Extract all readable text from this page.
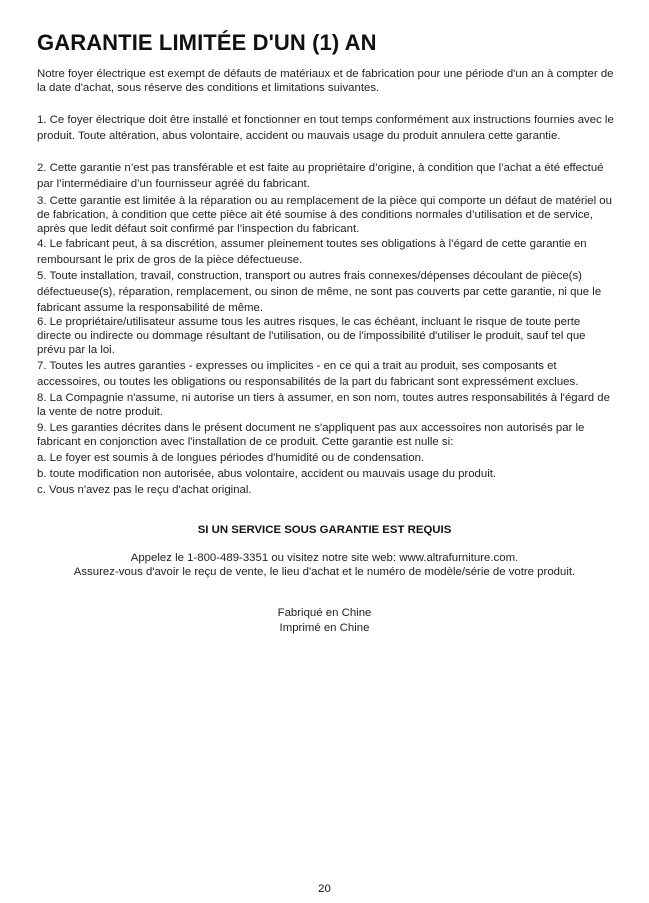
GARANTIE LIMITÉE D'UN (1) AN

Notre foyer électrique est exempt de défauts de matériaux et de fabrication pour une période d'un an à compter de la date d'achat, sous réserve des conditions et limitations suivantes.

1. Ce foyer électrique doit être installé et fonctionner en tout temps conformément aux instructions fournies avec le produit. Toute altération, abus volontaire, accident ou mauvais usage du produit annulera cette garantie.

2. Cette garantie n’est pas transférable et est faite au propriétaire d’origine, à condition que l’achat a été effectué par l’intermédiaire d’un fournisseur agréé du fabricant.

3. Cette garantie est limitée à la réparation ou au remplacement de la pièce qui comporte un défaut de matériel ou de fabrication, à condition que cette pièce ait été soumise à des conditions normales d’utilisation et de service, après que ledit défaut soit confirmé par l’inspection du fabricant.

4. Le fabricant peut, à sa discrétion, assumer pleinement toutes ses obligations à l’égard de cette garantie en remboursant le prix de gros de la pièce défectueuse.

5. Toute installation, travail, construction, transport ou autres frais connexes/dépenses découlant de pièce(s) défectueuse(s), réparation, remplacement, ou sinon de même, ne sont pas couverts par cette garantie, ni que le fabricant assume la responsabilité de même.

6. Le propriétaire/utilisateur assume tous les autres risques, le cas échéant, incluant le risque de toute perte directe ou indirecte ou dommage résultant de l'utilisation, ou de l'impossibilité d'utiliser le produit, sauf tel que prévu par la loi.

7. Toutes les autres garanties - expresses ou implicites - en ce qui a trait au produit, ses composants et accessoires, ou toutes les obligations ou responsabilités de la part du fabricant sont expressément exclues.

8. La Compagnie n'assume, ni autorise un tiers à assumer, en son nom, toutes autres responsabilités à l'égard de la vente de notre produit.

9. Les garanties décrites dans le présent document ne s'appliquent pas aux accessoires non autorisés par le fabricant en conjonction avec l'installation de ce produit. Cette garantie est nulle si:

a. Le foyer est soumis à de longues périodes d'humidité ou de condensation.

b. toute modification non autorisée, abus volontaire, accident ou mauvais usage du produit.

c. Vous n'avez pas le reçu d'achat original.

SI UN SERVICE SOUS GARANTIE EST REQUIS

Appelez le 1-800-489-3351 ou visitez notre site web: www.altrafurniture.com.

Assurez-vous d'avoir le reçu de vente, le lieu d'achat et le numéro de modèle/série de votre produit.

Fabriqué en Chine

Imprimé en Chine

20
